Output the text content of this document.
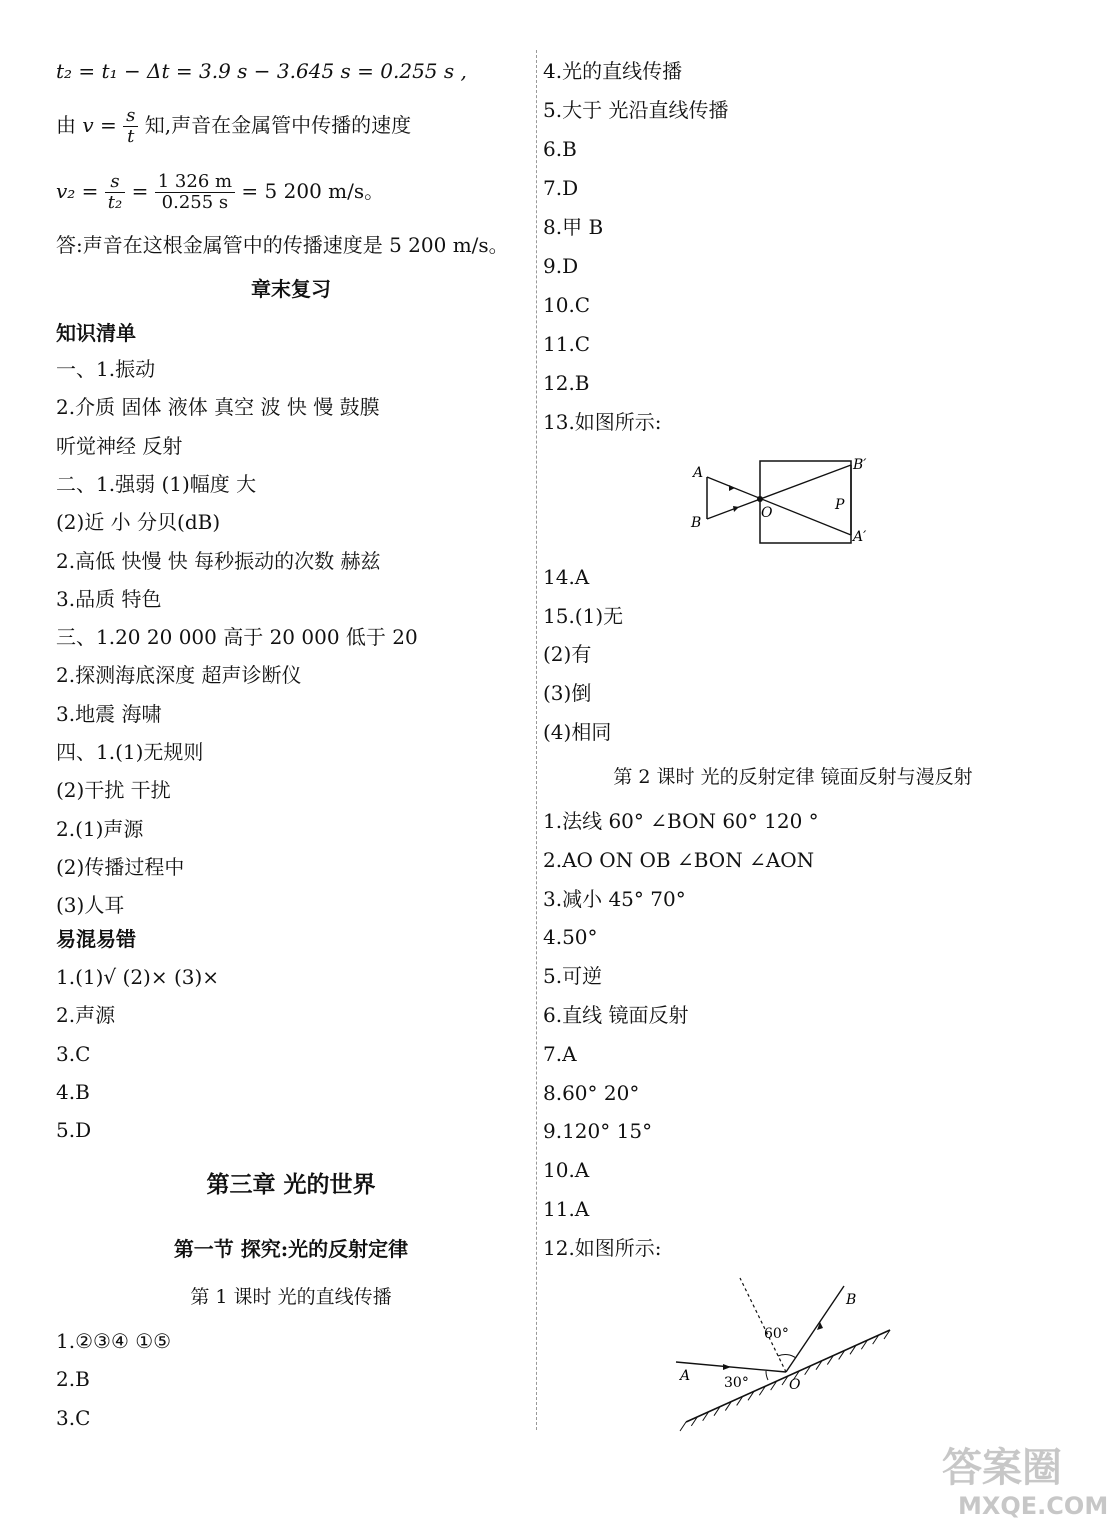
t₂ = t₁ − Δt = 3.9 s − 3.645 s = 0.255 s ,
由 $v = \frac{s}{t}$ 知,声音在金属管中传播的速度
$v_2 = \frac{s}{\text{t₂}} = \frac{1 326 m}{0.255 s} = 5$ 200 m/s。
答:声音在这根金属管中的传播速度是 5 200 m/s。
章末复习
知识清单
一、1.振动
2.介质 固体 液体 真空 波 快 慢 鼓膜
听觉神经 反射
二、1.强弱 (1)幅度 大
(2)近 小 分贝(dB)
2.高低 快慢 快 每秒振动的次数 赫兹
3.品质 特色
三、1.20 20 000 高于 20 000 低于 20
2.探测海底深度 超声诊断仪
3.地震 海啸
四、1.(1)无规则
(2)干扰 干扰
2.(1)声源
(2)传播过程中
(3)人耳
易混易错
1.(1)√ (2)× (3)×
2.声源
3.C
4.B
5.D
第三章 光的世界
第一节 探究:光的反射定律
第 1 课时 光的直线传播
1.②③④ ①⑤
2.B
3.C
4.光的直线传播
5.大于 光沿直线传播
6.B
7.D
8.甲 B
9.D
10.C
11.C
12.B
13.如图所示:
A
B
O
B′
P
A′
14.A
15.(1)无
(2)有
(3)倒
(4)相同
第 2 课时 光的反射定律 镜面反射与漫反射
1.法线 60° ∠BON 60° 120 °
2.AO ON OB ∠BON ∠AON
3.减小 45° 70°
4.50°
5.可逆
6.直线 镜面反射
7.A
8.60° 20°
9.120° 15°
10.A
11.A
12.如图所示:
B
60°
A 30°	O
答案圈
MXQE.COM
